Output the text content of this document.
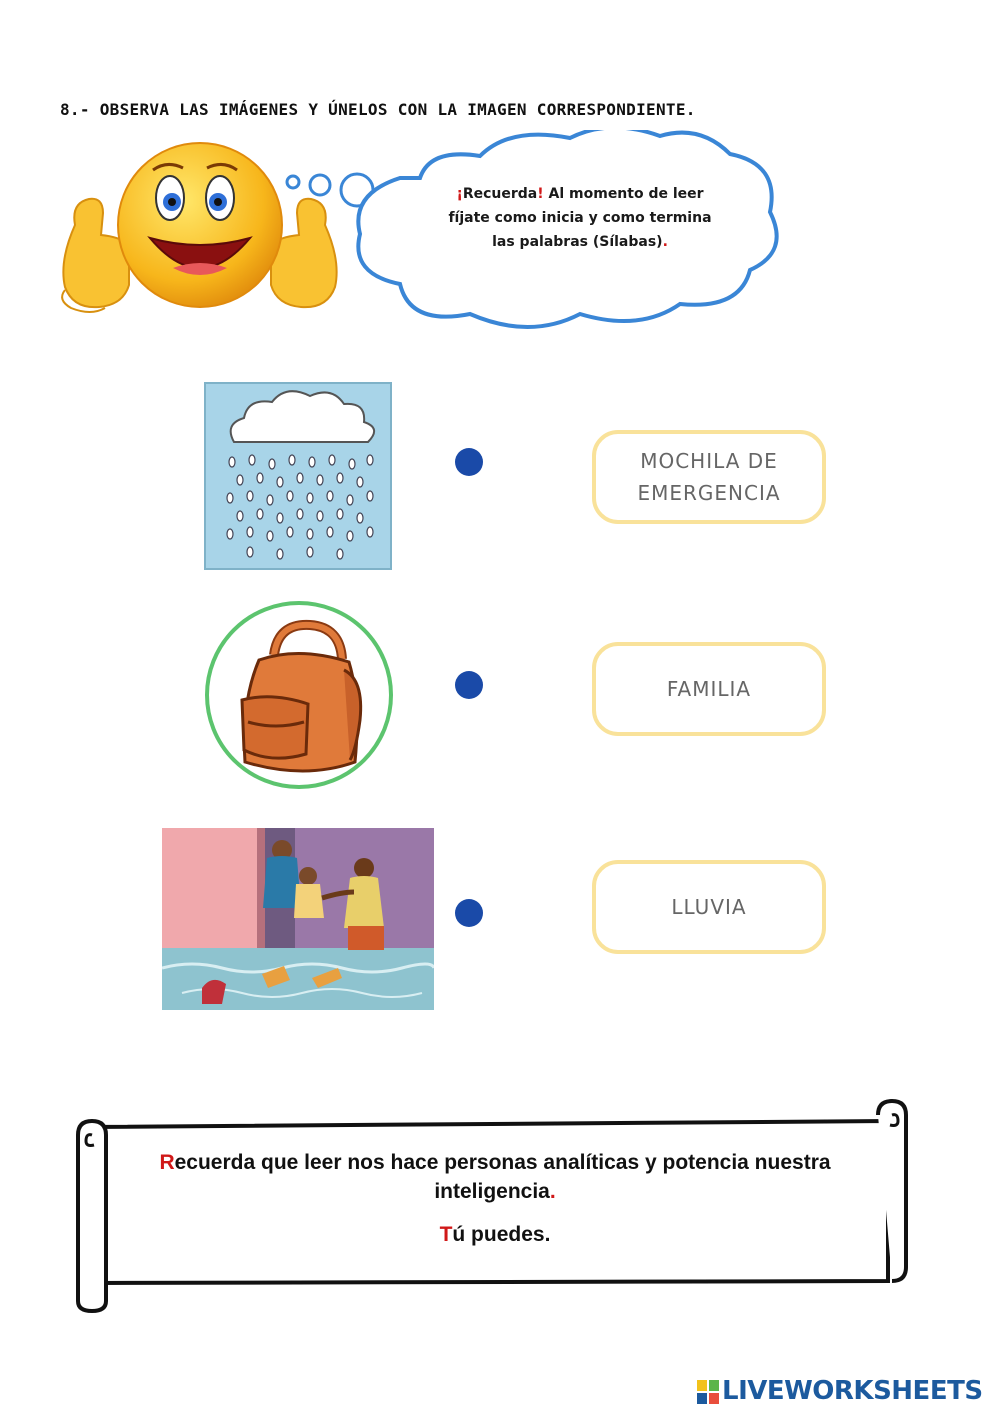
8.- OBSERVA LAS IMÁGENES Y ÚNELOS CON LA IMAGEN CORRESPONDIENTE.
¡Recuerda! Al momento de leer
fíjate como inicia y como termina
las palabras (Sílabas).
MOCHILA DE
EMERGENCIA
FAMILIA
LLUVIA

Recuerda que leer nos hace personas analíticas y potencia nuestra
inteligencia.

Tú puedes.

LIVEWORKSHEETS
